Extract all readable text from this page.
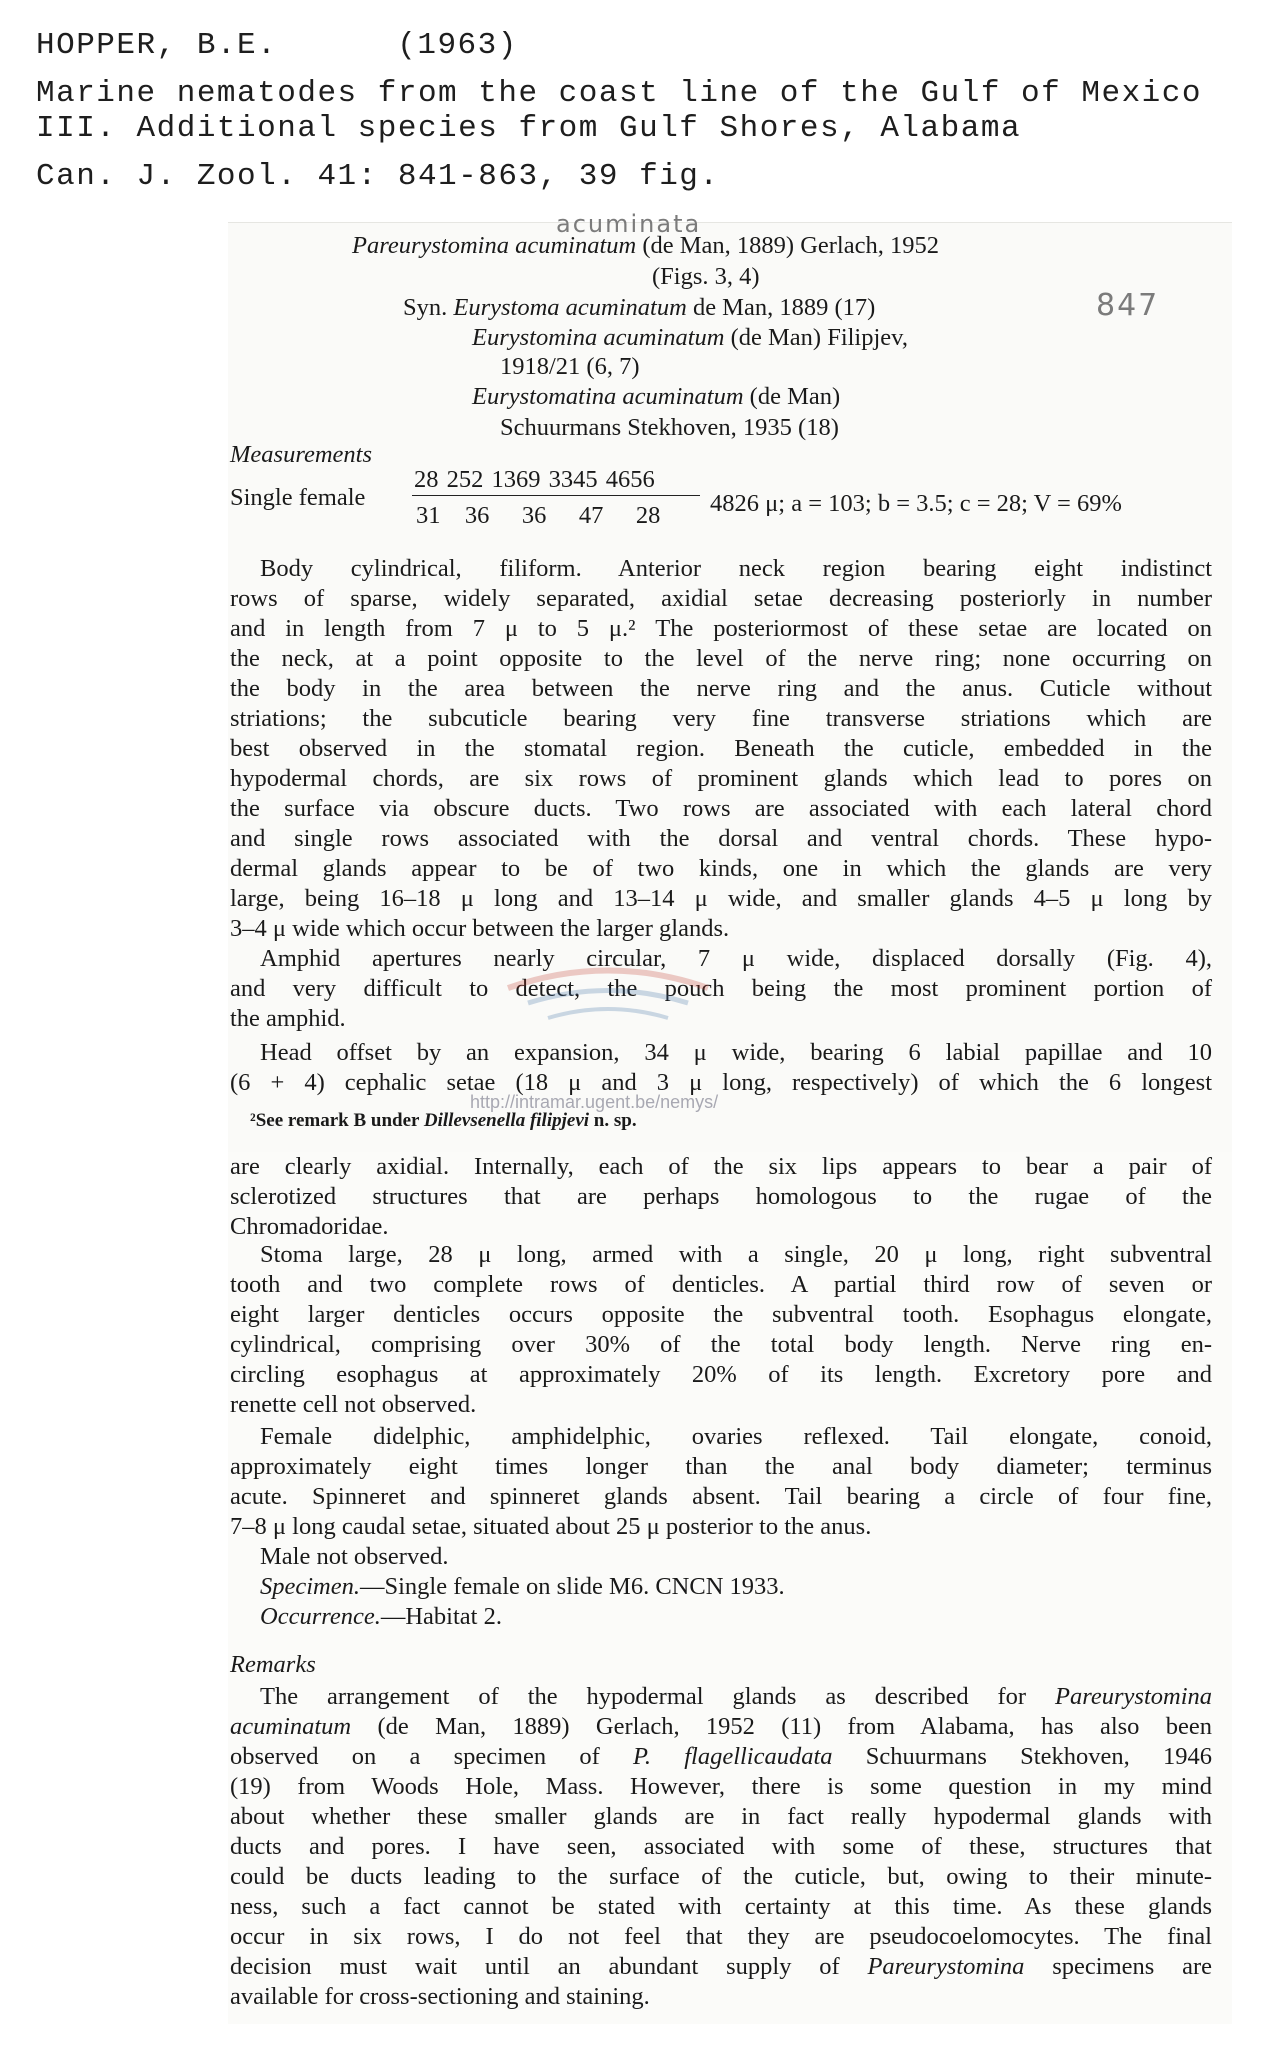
HOPPER, B.E.	(1963)
Marine nematodes from the coast line of the Gulf of Mexico
III. Additional species from Gulf Shores, Alabama
Can. J. Zool. 41: 841-863, 39 fig.
acuminata
847
Pareurystomina acuminatum (de Man, 1889) Gerlach, 1952
(Figs. 3, 4)
Syn. Eurystoma acuminatum de Man, 1889 (17)
Eurystomina acuminatum (de Man) Filipjev,
1918/21 (6, 7)
Eurystomatina acuminatum (de Man)
Schuurmans Stekhoven, 1935 (18)
Measurements
Single female
28 252 1369 3345 4656
31   36    36    47    28 4826 μ; a = 103; b = 3.5; c = 28; V = 69%
Body cylindrical, filiform. Anterior neck region bearing eight indistinct
rows of sparse, widely separated, axidial setae decreasing posteriorly in number
and in length from 7 μ to 5 μ.² The posteriormost of these setae are located on
the neck, at a point opposite to the level of the nerve ring; none occurring on
the body in the area between the nerve ring and the anus. Cuticle without
striations; the subcuticle bearing very fine transverse striations which are
best observed in the stomatal region. Beneath the cuticle, embedded in the
hypodermal chords, are six rows of prominent glands which lead to pores on
the surface via obscure ducts. Two rows are associated with each lateral chord
and single rows associated with the dorsal and ventral chords. These hypo-
dermal glands appear to be of two kinds, one in which the glands are very
large, being 16–18 μ long and 13–14 μ wide, and smaller glands 4–5 μ long by
3–4 μ wide which occur between the larger glands.
Amphid apertures nearly circular, 7 μ wide, displaced dorsally (Fig. 4),
and very difficult to detect, the pouch being the most prominent portion of
the amphid.
Head offset by an expansion, 34 μ wide, bearing 6 labial papillae and 10
(6 + 4) cephalic setae (18 μ and 3 μ long, respectively) of which the 6 longest
http://intramar.ugent.be/nemys/
²See remark B under Dillevsenella filipjevi n. sp.
are clearly axidial. Internally, each of the six lips appears to bear a pair of
sclerotized structures that are perhaps homologous to the rugae of the
Chromadoridae.
Stoma large, 28 μ long, armed with a single, 20 μ long, right subventral
tooth and two complete rows of denticles. A partial third row of seven or
eight larger denticles occurs opposite the subventral tooth. Esophagus elongate,
cylindrical, comprising over 30% of the total body length. Nerve ring en-
circling esophagus at approximately 20% of its length. Excretory pore and
renette cell not observed.
Female didelphic, amphidelphic, ovaries reflexed. Tail elongate, conoid,
approximately eight times longer than the anal body diameter; terminus
acute. Spinneret and spinneret glands absent. Tail bearing a circle of four fine,
7–8 μ long caudal setae, situated about 25 μ posterior to the anus.
Male not observed.
Specimen.—Single female on slide M6. CNCN 1933.
Occurrence.—Habitat 2.
Remarks
The arrangement of the hypodermal glands as described for Pareurystomina
acuminatum (de Man, 1889) Gerlach, 1952 (11) from Alabama, has also been
observed on a specimen of P. flagellicaudata Schuurmans Stekhoven, 1946
(19) from Woods Hole, Mass. However, there is some question in my mind
about whether these smaller glands are in fact really hypodermal glands with
ducts and pores. I have seen, associated with some of these, structures that
could be ducts leading to the surface of the cuticle, but, owing to their minute-
ness, such a fact cannot be stated with certainty at this time. As these glands
occur in six rows, I do not feel that they are pseudocoelomocytes. The final
decision must wait until an abundant supply of Pareurystomina specimens are
available for cross-sectioning and staining.
